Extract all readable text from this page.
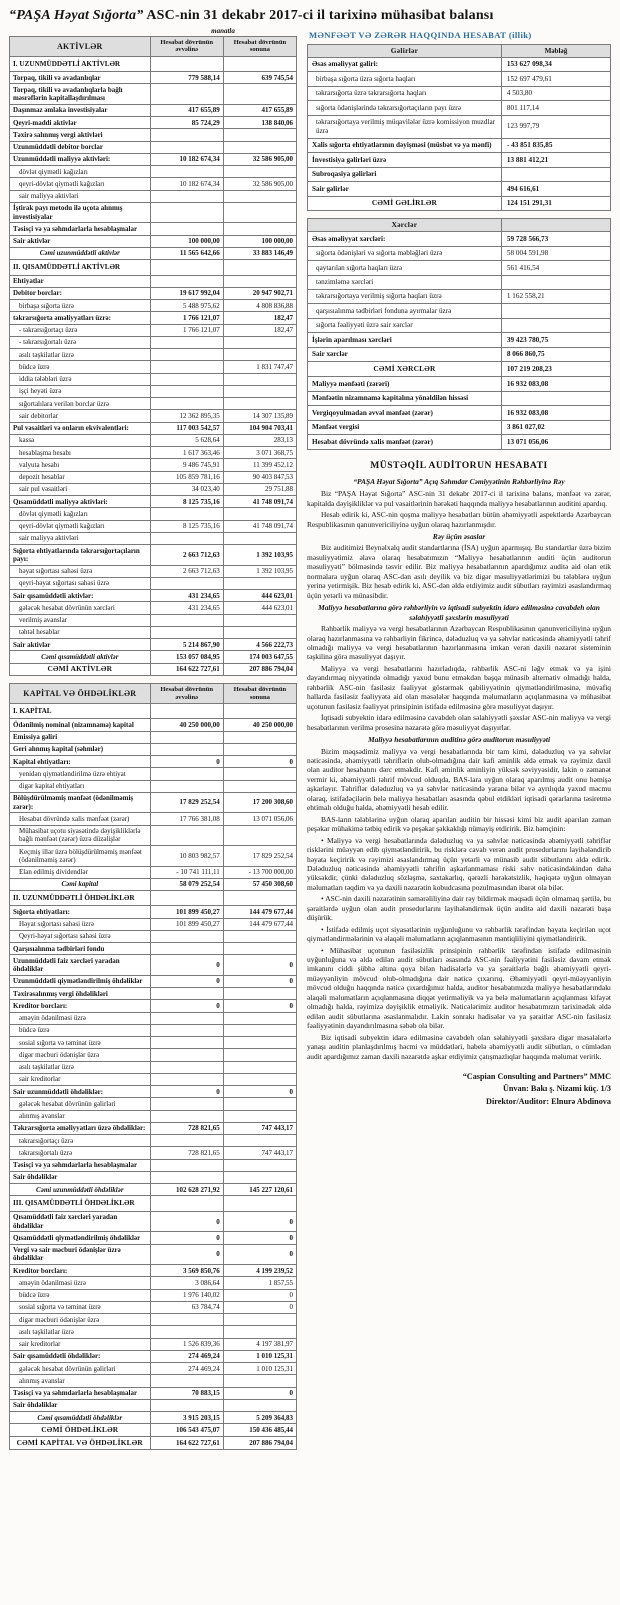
“PAŞA Həyat Sığorta” ASC-nin 31 dekabr 2017-ci il tarixinə mühasibat balansı
manatla
AKTİVLƏR	Hesabat dövrünün əvvəlinə	Hesabat dövrünün sonuna
I. UZUNMÜDDƏTLİ AKTİVLƏR		
Torpaq, tikili və avadanlıqlar	779 588,14	639 745,54
Torpaq, tikili və avadanlıqlarla bağlı məsrəflərin kapitallaşdırılması		
Daşınmaz əmlaka investisiyalar	417 655,89	417 655,89
Qeyri-maddi aktivlər	85 724,29	138 840,06
Təxirə salınmış vergi aktivləri		
Uzunmüddətli debitor borclar		
Uzunmüddətli maliyyə aktivləri:	10 182 674,34	32 586 905,00
dövlət qiymətli kağızları		
qeyri-dövlət qiymətli kağızları	10 182 674,34	32 586 905,00
sair maliyyə aktivləri		
İştirak payı metodu ilə uçota alınmış investisiyalar		
Təsisçi və ya səhmdarlarla hesablaşmalar		
Sair aktivlər	100 000,00	100 000,00
Cəmi uzunmüddətli aktivlər	11 565 642,66	33 883 146,49
II. QISAMÜDDƏTLİ AKTİVLƏR		
Ehtiyatlar		
Debitor borclar:	19 617 992,04	20 947 902,71
birbaşa sığorta üzrə	5 488 975,62	4 808 836,88
təkrarsığorta əməliyyatları üzrə:	1 766 121,07	182,47
- təkrarsığortaçı üzrə	1 766 121,07	182,47
- təkrarsığortalı üzrə		
asılı təşkilatlar üzrə		
büdcə üzrə		1 831 747,47
iddia tələbləri üzrə		
işçi heyəti üzrə		
sığortalılara verilən borclar üzrə		
sair debitorlar	12 362 895,35	14 307 135,89
Pul vəsaitləri və onların ekvivalentləri:	117 003 542,57	104 904 703,41
kassa	5 628,64	283,13
hesablaşma hesabı	1 617 363,46	3 071 368,75
valyuta hesabı	9 486 745,91	11 399 452,12
depozit hesablar	105 859 781,16	90 403 847,53
sair pul vəsaitləri	34 023,40	29 751,88
Qısamüddətli maliyyə aktivləri:	8 125 735,16	41 748 091,74
dövlət qiymətli kağızları		
qeyri-dövlət qiymətli kağızları	8 125 735,16	41 748 091,74
sair maliyyə aktivləri		
Sığorta ehtiyatlarında təkrarsığortaçıların payı:	2 663 712,63	1 392 103,95
həyat sığortası sahəsi üzrə	2 663 712,63	1 392 103,95
qeyri-həyat sığortası sahəsi üzrə		
Sair qısamüddətli aktivlər:	431 234,65	444 623,01
gələcək hesabat dövrünün xərcləri	431 234,65	444 623,01
verilmiş avanslar		
təhtəl hesablar		
Sair aktivlər	5 214 867,90	4 566 222,73
Cəmi qısamüddətli aktivlər	153 057 084,95	174 003 647,55
CƏMİ AKTİVLƏR	164 622 727,61	207 886 794,04
KAPİTAL VƏ ÖHDƏLİKLƏR	Hesabat dövrünün əvvəlinə	Hesabat dövrünün sonuna
I. KAPİTAL		
Ödənilmiş nominal (nizamnamə) kapital	40 250 000,00	40 250 000,00
Emissiya gəliri		
Geri alınmış kapital (səhmlər)		
Kapital ehtiyatları:	0	0
yenidən qiymətləndirilmə üzrə ehtiyat		
digər kapital ehtiyatları		
Bölüşdürülməmiş mənfəət (ödənilməmiş zərər):	17 829 252,54	17 200 308,60
Hesabat dövründə xalis mənfəət (zərər)	17 766 381,08	13 071 056,06
Mühasibat uçotu siyasətində dəyişikliklərlə bağlı mənfəət (zərər) üzrə düzəlişlər		
Keçmiş illər üzrə bölüşdürülməmiş mənfəət (ödənilməmiş zərər)	10 803 982,57	17 829 252,54
Elan edilmiş dividendlər	- 10 741 111,11	- 13 700 000,00
Cəmi kapital	58 079 252,54	57 450 308,60
II. UZUNMÜDDƏTLİ ÖHDƏLİKLƏR		
Sığorta ehtiyatları:	101 899 450,27	144 479 677,44
Həyat sığortası sahəsi üzrə	101 899 450,27	144 479 677,44
Qeyri-həyat sığortası sahəsi üzrə		
Qarşısıalınma tədbirləri fondu		
Uzunmüddətli faiz xərcləri yaradan öhdəliklər	0	0
Uzunmüddətli qiymətləndirilmiş öhdəliklər	0	0
Təxirəsalınmış vergi öhdəlikləri		
Kreditor borcları:	0	0
əməyin ödənilməsi üzrə		
büdcə üzrə		
sosial sığorta və təminat üzrə		
digər məcburi ödənişlər üzrə		
asılı təşkilatlar üzrə		
sair kreditorlar		
Sair uzunmüddətli öhdəliklər:	0	0
gələcək hesabat dövrünün gəlirləri		
alınmış avanslar		
Təkrarsığorta əməliyyatları üzrə öhdəliklər:	728 821,65	747 443,17
təkrarsığortaçı üzrə		
təkrarsığortalı üzrə	728 821,65	747 443,17
Təsisçi və ya səhmdarlarla hesablaşmalar		
Sair öhdəliklər		
Cəmi uzunmüddətli öhdəliklər	102 628 271,92	145 227 120,61
III. QISAMÜDDƏTLİ ÖHDƏLİKLƏR		
Qısamüddətli faiz xərcləri yaradan öhdəliklər	0	0
Qısamüddətli qiymətləndirilmiş öhdəliklər	0	0
Vergi və sair məcburi ödənişlər üzrə öhdəliklər	0	0
Kreditor borcları:	3 569 850,76	4 199 239,52
əməyin ödənilməsi üzrə	3 086,64	1 857,55
büdcə üzrə	1 976 140,02	0
sosial sığorta və təminat üzrə	63 784,74	0
digər məcburi ödənişlər üzrə		
asılı təşkilatlar üzrə		
sair kreditorlar	1 526 839,36	4 197 381,97
Sair qısamüddətli öhdəliklər:	274 469,24	1 010 125,31
gələcək hesabat dövrünün gəlirləri	274 469,24	1 010 125,31
alınmış avanslar		
Təsisçi və ya səhmdarlarla hesablaşmalar	70 883,15	0
Sair öhdəliklər		
Cəmi qısamüddətli öhdəliklər	3 915 203,15	5 209 364,83
CƏMİ ÖHDƏLİKLƏR	106 543 475,07	150 436 485,44
CƏMİ KAPİTAL VƏ ÖHDƏLİKLƏR	164 622 727,61	207 886 794,04
MƏNFƏƏT VƏ ZƏRƏR HAQQINDA HESABAT (illik)
Gəlirlər	Məbləğ
Əsas əməliyyat gəliri:	153 627 098,34
birbaşa sığorta üzrə sığorta haqları	152 697 479,61
təkrarsığorta üzrə təkrarsığorta haqları	4 503,80
sığorta ödənişlərində təkrarsığortaçıların payı üzrə	801 117,14
təkrarsığortaya verilmiş müqavilələr üzrə komissiyon muzdlar üzrə	123 997,79
Xalis sığorta ehtiyatlarının dəyişməsi (müsbət və ya mənfi)	- 43 851 835,85
İnvestisiya gəlirləri üzrə	13 881 412,21
Subroqasiya gəlirləri	
Sair gəlirlər	494 616,61
CƏMİ GƏLİRLƏR	124 151 291,31
Xərclər	
Əsas əməliyyat xərcləri:	59 728 566,73
sığorta ödənişləri və sığorta məbləğləri üzrə	58 004 591,98
qaytarılan sığorta haqları üzrə	561 416,54
tənzimləmə xərcləri	
təkrarsığortaya verilmiş sığorta haqları üzrə	1 162 558,21
qarşısıalınma tədbirləri fonduna ayırmalar üzrə	
sığorta fəaliyyəti üzrə sair xərclər	
İşlərin aparılması xərcləri	39 423 780,75
Sair xərclər	8 066 860,75
CƏMİ XƏRCLƏR	107 219 208,23
Maliyyə mənfəəti (zərəri)	16 932 083,08
Mənfəətin nizamnamə kapitalına yönəldilən hissəsi	
Vergiqoyulmadan əvvəl mənfəət (zərər)	16 932 083,08
Mənfəət vergisi	3 861 027,02
Hesabat dövründə xalis mənfəət (zərər)	13 071 056,06
MÜSTƏQİL AUDİTORUN HESABATI

“PAŞA Həyat Sığorta” Açıq Səhmdar Cəmiyyətinin Rəhbərliyinə Rəy

Biz “PAŞA Həyat Sığorta” ASC-nin 31 dekabr 2017-ci il tarixinə balans, mənfəət və zərər, kapitalda dəyişikliklər və pul vəsaitlərinin hərəkəti haqqında maliyyə hesabatlarının auditini apardıq.

Hesab edirik ki, ASC-nin qoşma maliyyə hesabatları bütün əhəmiyyətli aspektlərdə Azərbaycan Respublikasının qanunvericiliyinə uyğun olaraq hazırlanmışdır.

Rəy üçün əsaslar

Biz auditimizi Beynəlxalq audit standartlarına (İSA) uyğun aparmışıq. Bu standartlar üzrə bizim məsuliyyətimiz əlavə olaraq hesabatımızın “Maliyyə hesabatlarının auditi üçün auditorun məsuliyyəti” bölməsində təsvir edilir. Biz maliyyə hesabatlarının apardığımız auditə aid olan etik normalara uyğun olaraq ASC-dən asılı deyilik və biz digər məsuliyyətlərimizi bu tələblərə uyğun yerinə yetirmişik. Biz hesab edirik ki, ASC-dən əldə etdiyimiz audit sübutları rəyimizi əsaslandırmaq üçün yetərli və münasibdir.

Maliyyə hesabatlarına görə rəhbərliyin və iqtisadi subyektin idarə edilməsinə cavabdeh olan səlahiyyətli şəxslərin məsuliyyəti

Rəhbərlik maliyyə və vergi hesabatlarının Azərbaycan Respublikasının qanunvericiliyinə uyğun olaraq hazırlanmasına və rəhbərliyin fikrincə, dələduzluq və ya səhvlər nəticəsində əhəmiyyətli təhrif olmadığı maliyyə və vergi hesabatlarının hazırlanmasına imkan verən daxili nəzarət sisteminin təşkilinə görə məsuliyyət daşıyır.

Maliyyə və vergi hesabatlarını hazırladıqda, rəhbərlik ASC-ni ləğv etmək və ya işini dayandırmaq niyyətində olmadığı yaxud bunu etməkdən başqa münasib alternativ olmadığı halda, rəhbərlik ASC-nin fasiləsiz fəaliyyət göstərmək qabiliyyətinin qiymətləndirilməsinə, müvafiq hallarda fasiləsiz fəaliyyətə aid olan məsələlər haqqında məlumatların açıqlanmasına və mühasibat uçotunun fasiləsiz fəaliyyət prinsipinin istifadə edilməsinə görə məsuliyyət daşıyır.

İqtisadi subyektin idarə edilməsinə cavabdeh olan səlahiyyətli şəxslər ASC-nin maliyyə və vergi hesabatlarının verilmə prosesinə nəzarətə görə məsuliyyət daşıyırlar.

Maliyyə hesabatlarının auditinə görə auditorun məsuliyyəti

Bizim məqsədimiz maliyyə və vergi hesabatlarında bir tam kimi, dələduzluq və ya səhvlər nəticəsində, əhəmiyyətli təhriflərin olub-olmadığına dair kafi əminlik əldə etmək və rəyimiz daxil olan auditor hesabatını dərc etməkdir. Kafi əminlik əminliyin yüksək səviyyəsidir, lakin o zəmanət vermir ki, əhəmiyyətli təhrif mövcud olduqda, BAS-lara uyğun olaraq aparılmış audit onu həmişə aşkarlayır. Təhriflər dələduzluq və ya səhvlər nəticəsində yarana bilər və ayrılıqda yaxud məcmu olaraq, istifadəçilərin belə maliyyə hesabatları əsasında qəbul etdikləri iqtisadi qərarlarına təsiretmə ehtimalı olduğu halda, əhəmiyyətli hesab edilir.

BAS-ların tələblərinə uyğun olaraq aparılan auditin bir hissəsi kimi biz audit aparılan zaman peşəkar mühakimə tətbiq edirik və peşəkar şəkkaklığı nümayiş etdiririk. Biz həmçinin:

• Maliyyə və vergi hesabatlarında dələduzluq və ya səhvlər nəticəsində əhəmiyyətli təhriflər risklərini müəyyən edib qiymətləndiririk, bu risklərə cavab verən audit prosedurlarını layihələndirib həyata keçiririk və rəyimizi əsaslandırmaq üçün yetərli və münasib audit sübutlarını əldə edirik. Dələduzluq nəticəsində əhəmiyyətli təhrifin aşkarlanmaması riski səhv nəticəsindəkindən daha yüksəkdir, çünki dələduzluq sözləşmə, saxtakarlıq, qərəzli hərəkətsizlik, həqiqətə uyğun olmayan məlumatları təqdim və ya daxili nəzarətin kobudcasına pozulmasından ibarət ola bilər.

• ASC-nin daxili nəzarətinin səmərəliliyinə dair rəy bildirmək məqsədi üçün olmamaq şərtilə, bu şəraitlərdə uyğun olan audit prosedurlarını layihələndirmək üçün auditə aid daxili nəzarəti başa düşürük.

• İstifadə edilmiş uçot siyasətlərinin uyğunluğunu və rəhbərlik tərəfindən həyata keçirilən uçot qiymətləndirmələrinin və əlaqəli məlumatların açıqlanmasının məntiqliliyini qiymətləndiririk.

• Mühasibat uçotunun fasiləsizlik prinsipinin rəhbərlik tərəfindən istifadə edilməsinin uyğunluğuna və əldə edilən audit sübutları əsasında ASC-nin fəaliyyətini fasiləsiz davam etmək imkanını ciddi şübhə altına qoya bilən hadisələrlə və ya şəraitlərlə bağlı əhəmiyyətli qeyri-müəyyənliyin mövcud olub-olmadığına dair nəticə çıxarırıq. Əhəmiyyətli qeyri-müəyyənliyin mövcud olduğu haqqında nəticə çıxardığımız halda, auditor hesabatımızda maliyyə hesabatlarındakı əlaqəli məlumatların açıqlanmasına diqqət yetirməliyik və ya belə məlumatların açıqlanması kifayət olmadığı halda, rəyimizə dəyişiklik etməliyik. Nəticələrimiz auditor hesabatımızın tarixinədək əldə edilən audit sübutlarına əsaslanmalıdır. Lakin sonrakı hadisələr və ya şəraitlər ASC-nin fasiləsiz fəaliyyətinin dayandırılmasına səbəb ola bilər.

Biz iqtisadi subyektin idarə edilməsinə cavabdeh olan səlahiyyətli şəxslərə digər məsələlərlə yanaşı auditin planlaşdırılmış həcmi və müddətləri, habelə əhəmiyyətli audit sübutları, o cümlədən audit apardığımız zaman daxili nəzarətdə aşkar etdiyimiz çatışmazlıqlar haqqında məlumat veririk.

“Caspian Consulting and Partners” MMC
Ünvan: Bakı ş. Nizami küç. 1/3
Direktor/Auditor: Elnurə Abdinova
